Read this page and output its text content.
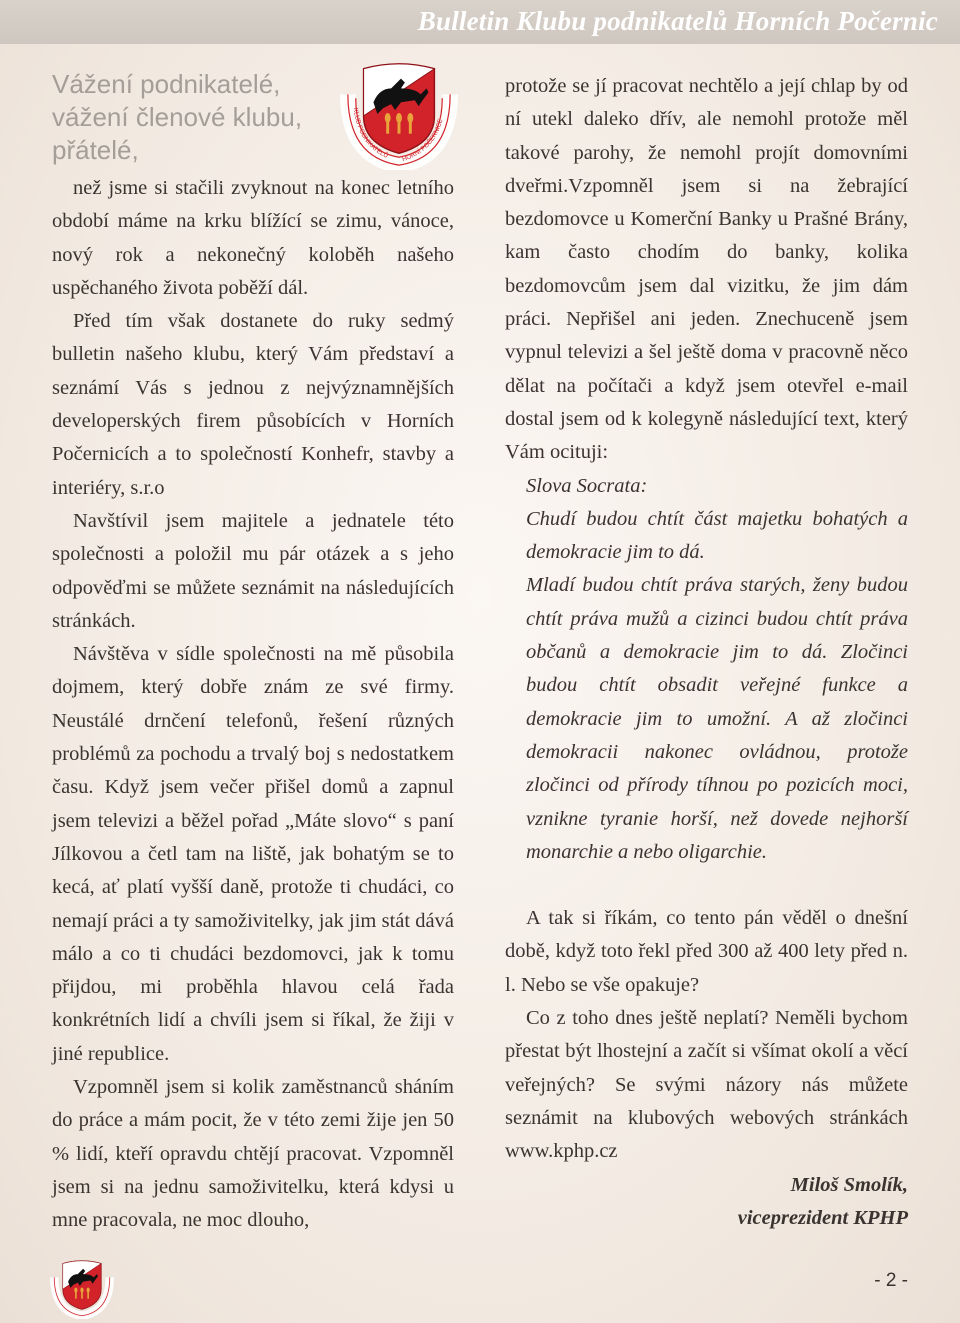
Bulletin Klubu podnikatelů Horních Počernic
Vážení podnikatelé,
vážení členové klubu,
přátelé,
KLUB PODNIKATELŮ HORNÍ POČERNICE

než jsme si stačili zvyknout na konec letního období máme na krku blížící se zimu, vánoce, nový rok a nekonečný koloběh našeho uspěchaného života poběží dál.

Před tím však dostanete do ruky sedmý bulletin našeho klubu, který Vám představí a seznámí Vás s jednou z nejvýznamnějších developerských firem působících v Horních Počernicích a to společností Konhefr, stavby a interiéry, s.r.o

Navštívil jsem majitele a jednatele této společnosti a položil mu pár otázek a s jeho odpověďmi se můžete seznámit na následujících stránkách.

Návštěva v sídle společnosti na mě působila dojmem, který dobře znám ze své firmy. Neustálé drnčení telefonů, řešení různých problémů za pochodu a trvalý boj s nedostatkem času. Když jsem večer přišel domů a zapnul jsem televizi a běžel pořad „Máte slovo“ s paní Jílkovou a četl tam na liště, jak bohatým se to kecá, ať platí vyšší daně, protože ti chudáci, co nemají práci a ty samoživitelky, jak jim stát dává málo a co ti chudáci bezdomovci, jak k tomu přijdou, mi proběhla hlavou celá řada konkrétních lidí a chvíli jsem si říkal, že žiji v jiné republice.

Vzpomněl jsem si kolik zaměstnanců sháním do práce a mám pocit, že v této zemi žije jen 50 % lidí, kteří opravdu chtějí pracovat. Vzpomněl jsem si na jednu samoživitelku, která kdysi u mne pracovala, ne moc dlouho,

protože se jí pracovat nechtělo a její chlap by od ní utekl daleko dřív, ale nemohl protože měl takové parohy, že nemohl projít domovními dveřmi.Vzpomněl jsem si na žebrající bezdomovce u Komerční Banky u Prašné Brány, kam často chodím do banky, kolika bezdomovcům jsem dal vizitku, že jim dám práci. Nepřišel ani jeden. Znechuceně jsem vypnul televizi a šel ještě doma v pracovně něco dělat na počítači a když jsem otevřel e-mail dostal jsem od k kolegyně následující text, který Vám ocituji:

Slova Socrata:

Chudí budou chtít část majetku bohatých a demokracie jim to dá.

Mladí budou chtít práva starých, ženy budou chtít práva mužů a cizinci budou chtít práva občanů a demokracie jim to dá. Zločinci budou chtít obsadit veřejné funkce a demokracie jim to umožní. A až zločinci demokracii nakonec ovládnou, protože zločinci od přírody tíhnou po pozicích moci, vznikne tyranie horší, než dovede nejhorší monarchie a nebo oligarchie.

A tak si říkám, co tento pán věděl o dnešní době, když toto řekl před 300 až 400 lety před n. l. Nebo se vše opakuje?

Co z toho dnes ještě neplatí? Neměli bychom přestat být lhostejní a začít si všímat okolí a věcí veřejných? Se svými názory nás můžete seznámit na klubových webových stránkách www.kphp.cz

Miloš Smolík,

viceprezident KPHP

- 2 -
